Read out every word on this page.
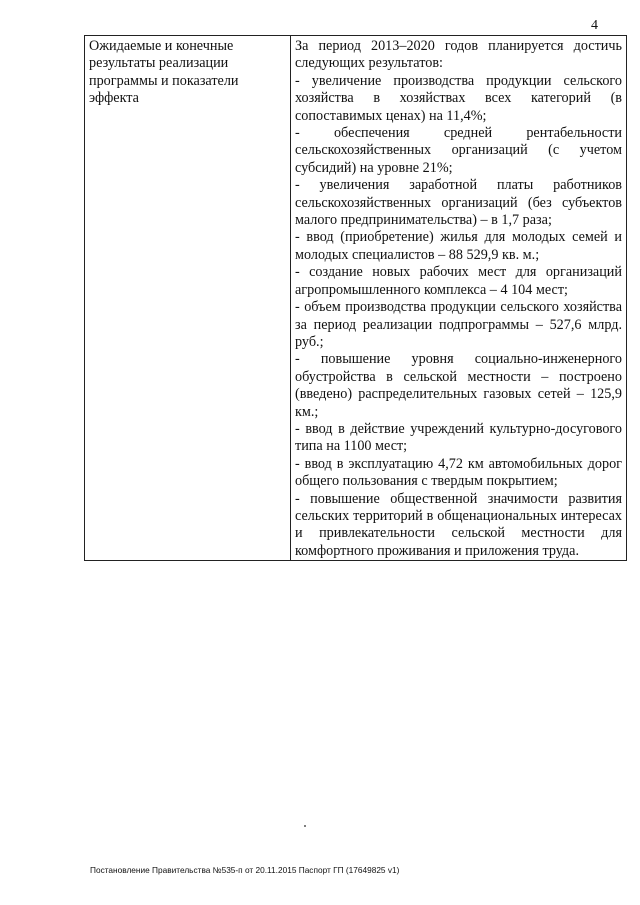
4
Ожидаемые и конечные результаты реализации программы и показатели эффекта

За период 2013–2020 годов планируется достичь следующих результатов:
- увеличение производства продукции сельского хозяйства в хозяйствах всех категорий (в сопоставимых ценах) на 11,4%;
- обеспечения средней рентабельности сельскохозяйственных организаций (с учетом субсидий) на уровне 21%;
- увеличения заработной платы работников сельскохозяйственных организаций (без субъектов малого предпринимательства) – в 1,7 раза;
- ввод (приобретение) жилья для молодых семей и молодых специалистов – 88 529,9 кв. м.;
- создание новых рабочих мест для организаций агропромышленного комплекса – 4 104 мест;
- объем производства продукции сельского хозяйства за период реализации подпрограммы – 527,6 млрд. руб.;
- повышение уровня социально-инженерного обустройства в сельской местности – построено (введено) распределительных газовых сетей – 125,9 км.;
- ввод в действие учреждений культурно-досугового типа на 1100 мест;
- ввод в эксплуатацию 4,72 км автомобильных дорог общего пользования с твердым покрытием;
- повышение общественной значимости развития сельских территорий в общенациональных интересах и привлекательности сельской местности для комфортного проживания и приложения труда.
Постановление Правительства №535-п от 20.11.2015 Паспорт ГП (17649825 v1)
